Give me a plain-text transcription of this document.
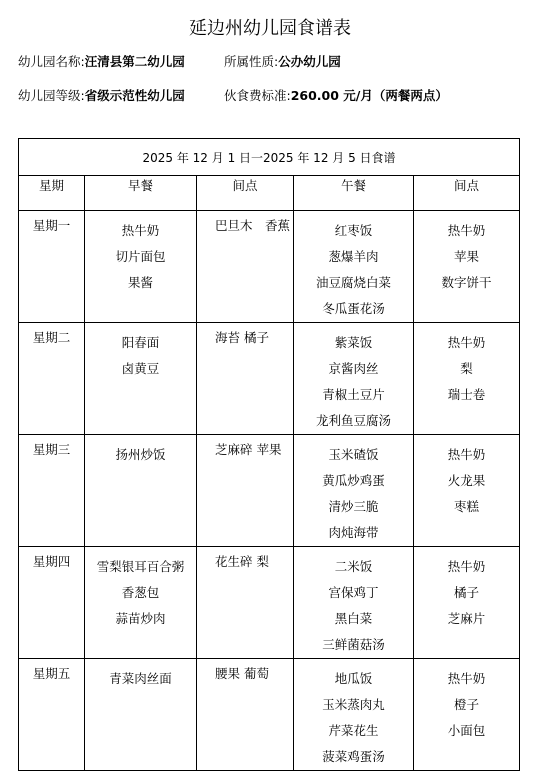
延边州幼儿园食谱表
幼儿园名称:汪清县第二幼儿园	所属性质:公办幼儿园
幼儿园等级:省级示范性幼儿园	伙食费标准:260.00 元/月（两餐两点）
2025 年 12 月 1 日一2025 年 12 月 5 日食谱				
星期	早餐	间点	午餐	间点

星期一	热牛奶
切片面包
果酱	巴旦木　香蕉	红枣饭
葱爆羊肉
油豆腐烧白菜
冬瓜蛋花汤	热牛奶
苹果
数字饼干

星期二	阳春面
卤黄豆	海苔 橘子	紫菜饭
京酱肉丝
青椒土豆片
龙利鱼豆腐汤	热牛奶
梨
瑞士卷

星期三	扬州炒饭	芝麻碎 苹果	玉米碴饭
黄瓜炒鸡蛋
清炒三脆
肉炖海带	热牛奶
火龙果
枣糕

星期四	雪梨银耳百合粥
香葱包
蒜苗炒肉	花生碎 梨	二米饭
宫保鸡丁
黑白菜
三鲜菌菇汤	热牛奶
橘子
芝麻片

星期五	青菜肉丝面	腰果 葡萄	地瓜饭
玉米蒸肉丸
芹菜花生
菠菜鸡蛋汤	热牛奶
橙子
小面包
